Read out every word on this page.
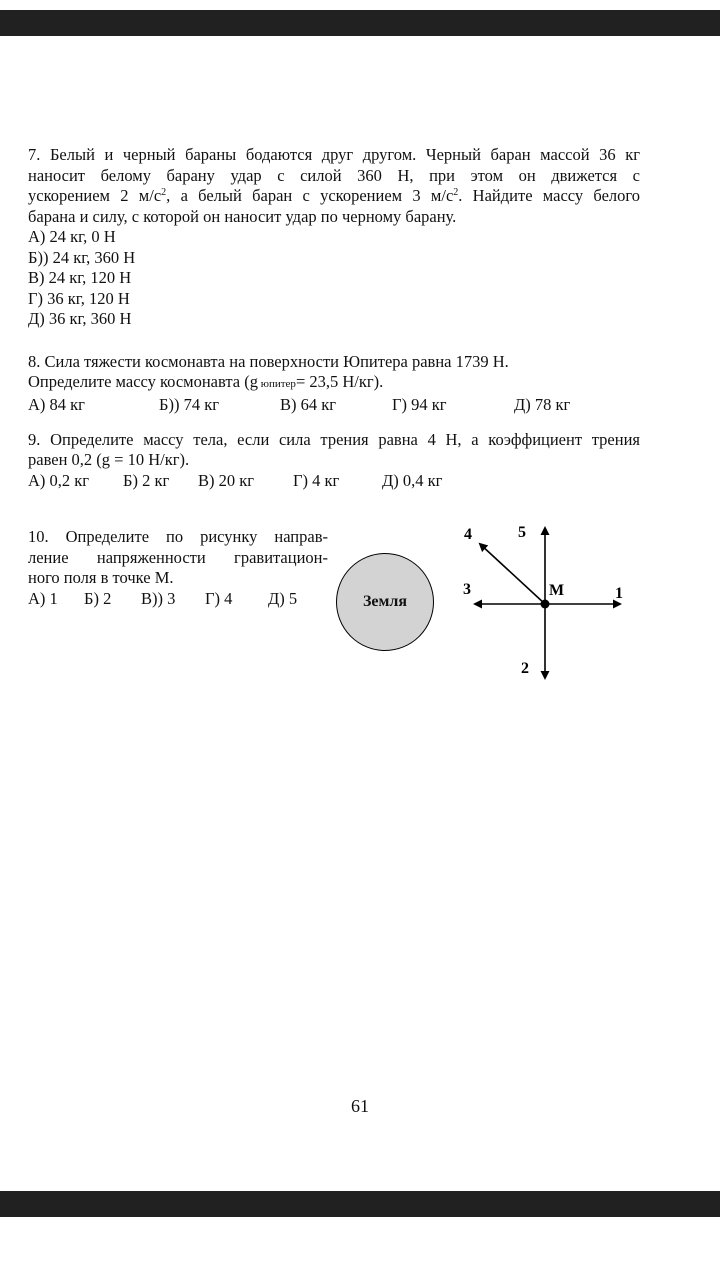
7. Белый и черный бараны бодаются друг другом. Черный баран массой 36 кг

наносит белому барану удар с силой 360 Н, при этом он движется с

ускорением 2 $м/с^2$, а белый баран с ускорением 3 $м/с^2$. Найдите массу белого

барана и силу, с которой он наносит удар по черному барану.

А) 24 кг, 0 Н

Б)) 24 кг, 360 Н

В) 24 кг, 120 Н

Г) 36 кг, 120 Н

Д) 36 кг, 360 Н

8. Сила тяжести космонавта на поверхности Юпитера равна 1739 Н.

Определите массу космонавта (g юпитер= 23,5 Н/кг).

А) 84 кг	Б)) 74 кг	В) 64 кг	Г) 94 кг	Д) 78 кг

9. Определите массу тела, если сила трения равна 4 Н, а коэффициент трения

равен 0,2 (g = 10 Н/кг).

А) 0,2 кг Б) 2 кг В) 20 кг Г) 4 кг	Д) 0,4 кг

10. Определите по рисунку направ-

ление напряженности гравитацион-

ного поля в точке М.

А) 1 Б) 2 В)) 3 Г) 4 Д) 5	Земля
М	1
2
3
4	5
61
